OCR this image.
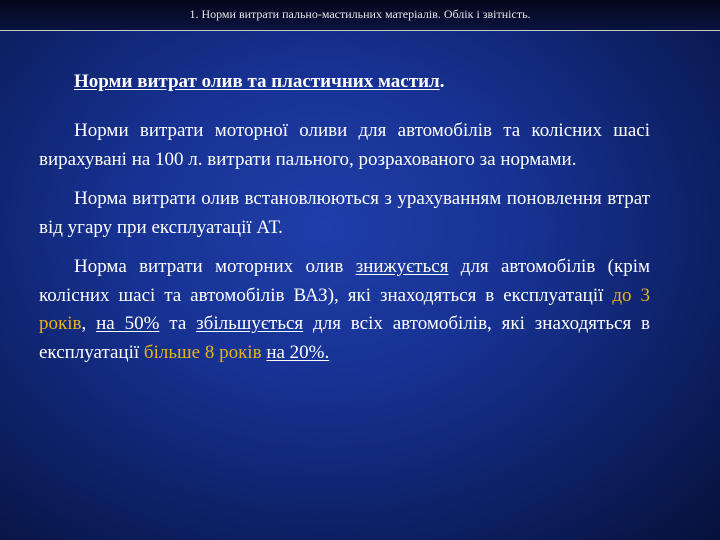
1. Норми витрати пально-мастильних матеріалів. Облік і звітність.
Норми витрат олив та пластичних мастил.

Норми витрати моторної оливи для автомобілів та колісних шасі вирахувані на 100 л. витрати пального, розрахованого за нормами.

Норма витрати олив встановлюються з урахуванням поновлення втрат від угару при експлуатації АТ.

Норма витрати моторних олив знижується для автомобілів (крім колісних шасі та автомобілів ВАЗ), які знаходяться в експлуатації до 3 років, на 50% та збільшується для всіх автомобілів, які знаходяться в експлуатації більше 8 років на 20%.
